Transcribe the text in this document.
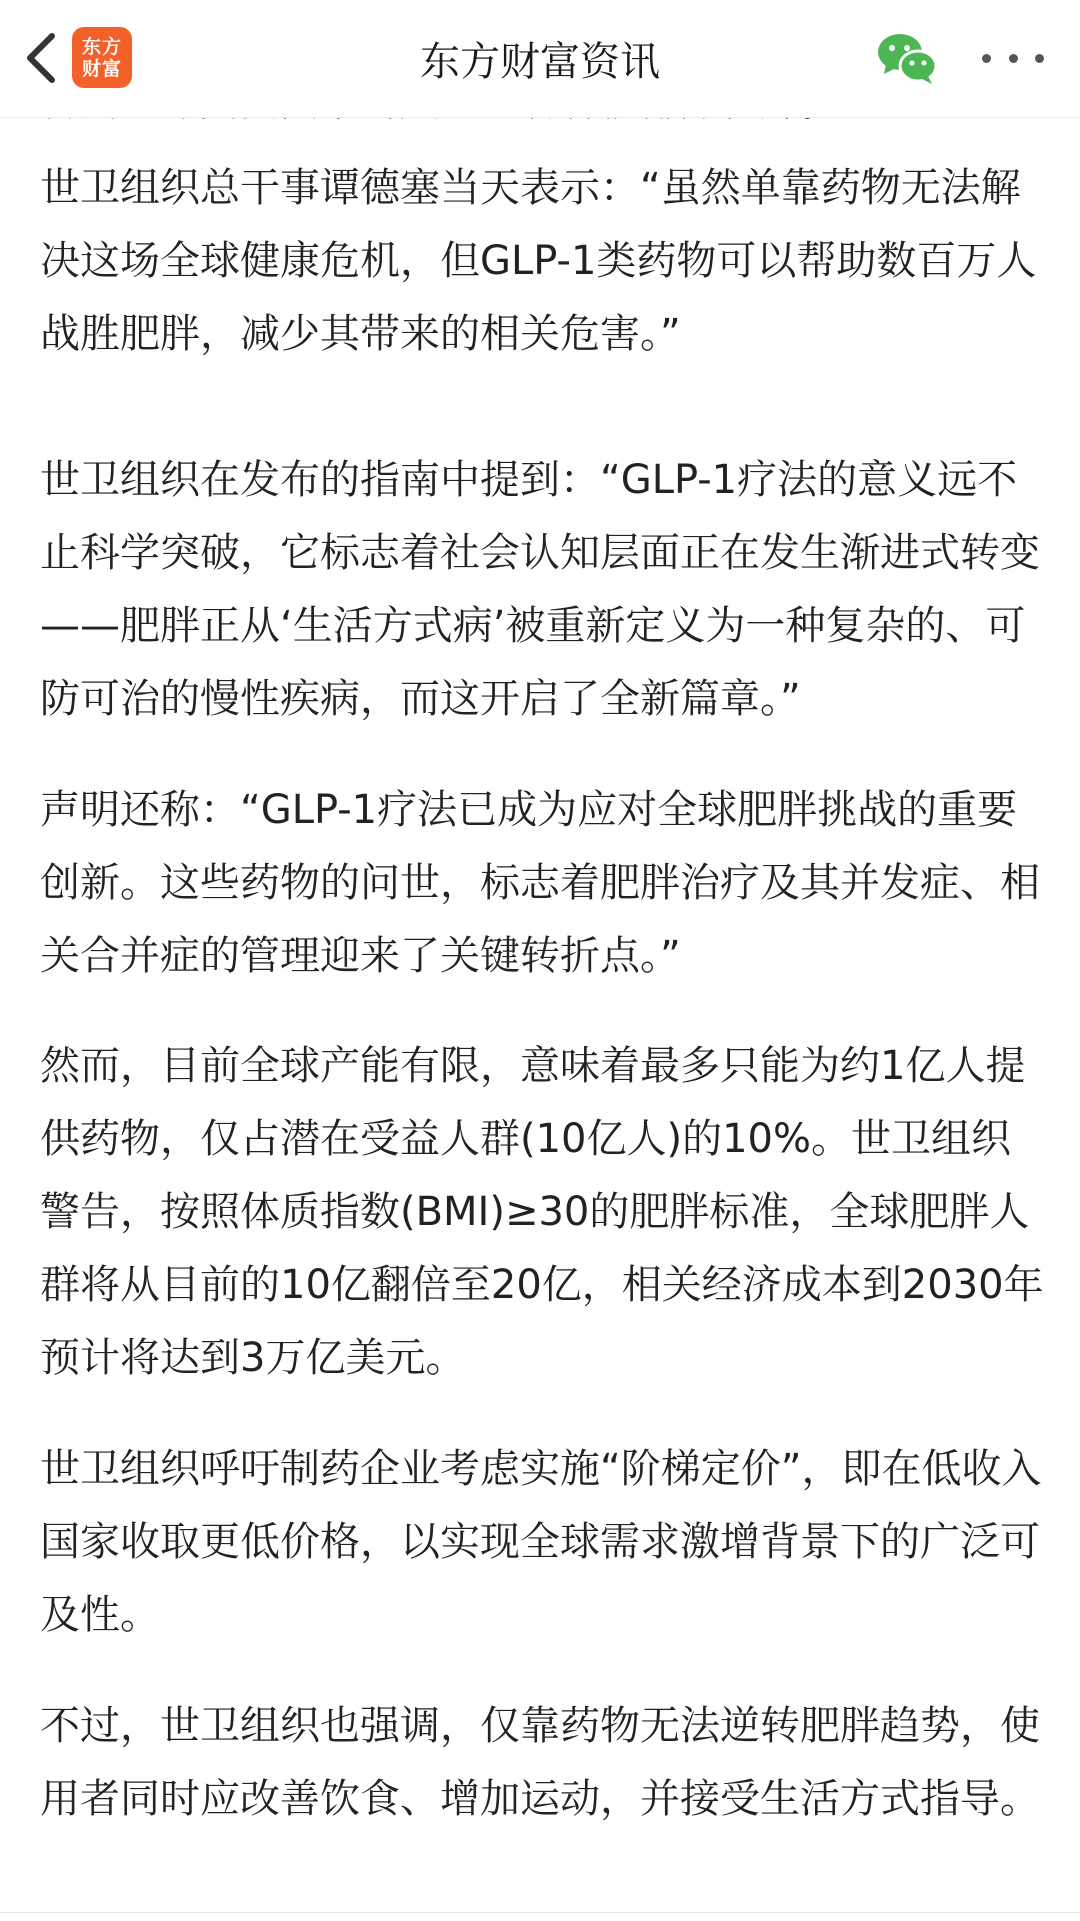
世卫组织总干事谭德塞当天表示：“虽然单靠药物无法解决这场全球健康危机，但GLP-1类药物可以帮助数百万人战胜肥胖，减少其带来的相关危害。”

世卫组织在发布的指南中提到：“GLP-1疗法的意义远不止科学突破，它标志着社会认知层面正在发生渐进式转变——肥胖正从‘生活方式病’被重新定义为一种复杂的、可防可治的慢性疾病，而这开启了全新篇章。”

声明还称：“GLP-1疗法已成为应对全球肥胖挑战的重要创新。这些药物的问世，标志着肥胖治疗及其并发症、相关合并症的管理迎来了关键转折点。”

然而，目前全球产能有限，意味着最多只能为约1亿人提供药物，仅占潜在受益人群(10亿人)的10%。世卫组织警告，按照体质指数(BMI)≥30的肥胖标准，全球肥胖人群将从目前的10亿翻倍至20亿，相关经济成本到2030年预计将达到3万亿美元。

世卫组织呼吁制药企业考虑实施“阶梯定价”，即在低收入国家收取更低价格，以实现全球需求激增背景下的广泛可及性。

不过，世卫组织也强调，仅靠药物无法逆转肥胖趋势，使用者同时应改善饮食、增加运动，并接受生活方式指导。

东方
财富	东方财富资讯
